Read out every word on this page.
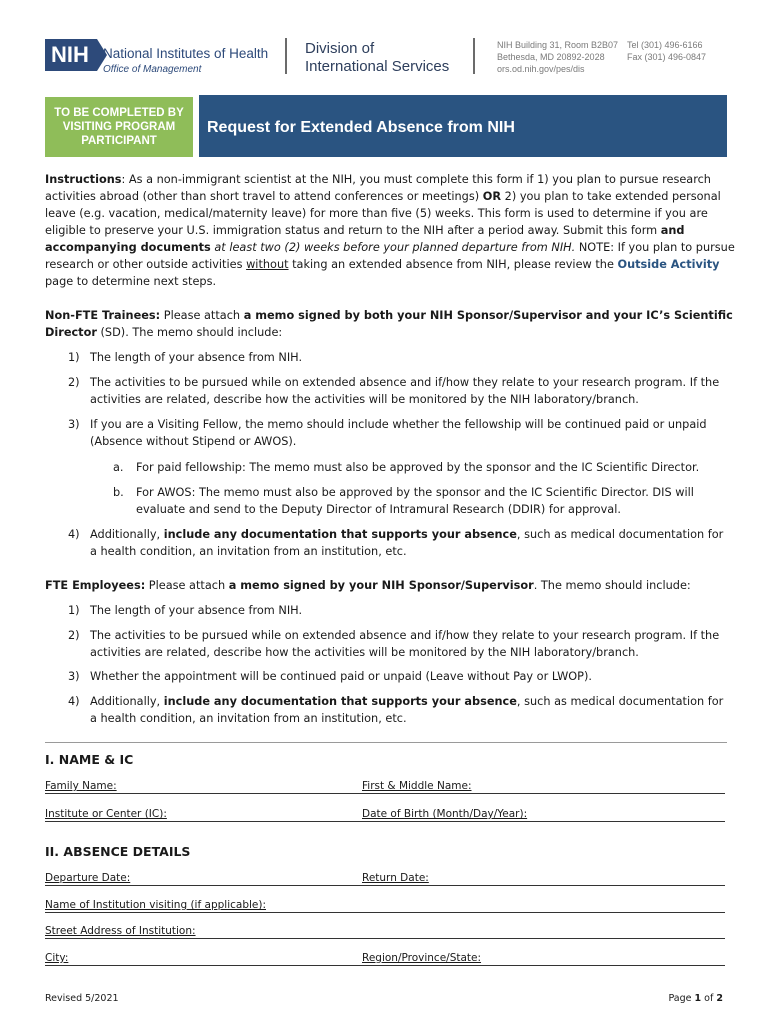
NIH	National Institutes of Health
Office of Management
Division of
International Services
NIH Building 31, Room B2B07
Bethesda, MD 20892-2028
ors.od.nih.gov/pes/dis
Tel (301) 496-6166
Fax (301) 496-0847
TO BE COMPLETED BY
VISITING PROGRAM
PARTICIPANT
Request for Extended Absence from NIH
Instructions: As a non-immigrant scientist at the NIH, you must complete this form if 1) you plan to pursue research activities abroad (other than short travel to attend conferences or meetings) OR 2) you plan to take extended personal leave (e.g. vacation, medical/maternity leave) for more than five (5) weeks. This form is used to determine if you are eligible to preserve your U.S. immigration status and return to the NIH after a period away. Submit this form and accompanying documents at least two (2) weeks before your planned departure from NIH. NOTE: If you plan to pursue research or other outside activities without taking an extended absence from NIH, please review the Outside Activity page to determine next steps.
Non-FTE Trainees: Please attach a memo signed by both your NIH Sponsor/Supervisor and your IC’s Scientific Director (SD). The memo should include:
1) The length of your absence from NIH.
2) The activities to be pursued while on extended absence and if/how they relate to your research program. If the activities are related, describe how the activities will be monitored by the NIH laboratory/branch.
3) If you are a Visiting Fellow, the memo should include whether the fellowship will be continued paid or unpaid (Absence without Stipend or AWOS).
a. For paid fellowship: The memo must also be approved by the sponsor and the IC Scientific Director.
b. For AWOS: The memo must also be approved by the sponsor and the IC Scientific Director. DIS will evaluate and send to the Deputy Director of Intramural Research (DDIR) for approval.
4) Additionally, include any documentation that supports your absence, such as medical documentation for a health condition, an invitation from an institution, etc.
FTE Employees: Please attach a memo signed by your NIH Sponsor/Supervisor. The memo should include:
1) The length of your absence from NIH.
2) The activities to be pursued while on extended absence and if/how they relate to your research program. If the activities are related, describe how the activities will be monitored by the NIH laboratory/branch.
3) Whether the appointment will be continued paid or unpaid (Leave without Pay or LWOP).
4) Additionally, include any documentation that supports your absence, such as medical documentation for a health condition, an invitation from an institution, etc.
I. NAME & IC
Family Name:	First & Middle Name:
Institute or Center (IC):	Date of Birth (Month/Day/Year):
II. ABSENCE DETAILS
Departure Date:	Return Date:
Name of Institution visiting (if applicable):
Street Address of Institution:
City:	Region/Province/State:
Revised 5/2021	Page 1 of 2
